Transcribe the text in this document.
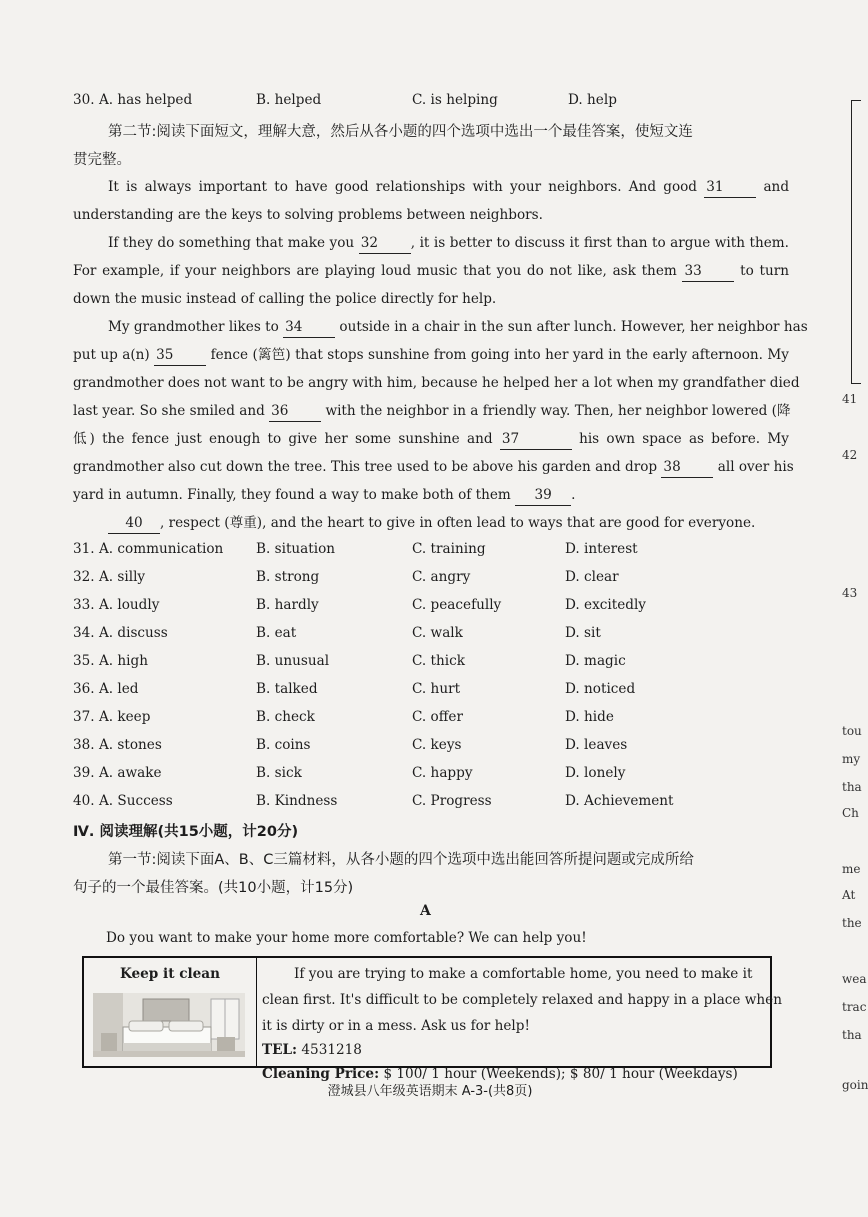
41
42
43
tou
my
tha
Ch
me
At
the
wea
trac
tha
goin
30. A. has helped	B. helped	C. is helping	D. help
第二节:阅读下面短文，理解大意，然后从各小题的四个选项中选出一个最佳答案，使短文连
贯完整。
It is always important to have good relationships with your neighbors. And good 31	and
understanding are the keys to solving problems between neighbors.
If they do something that make you 32 , it is better to discuss it first than to argue with them.
For example, if your neighbors are playing loud music that you do not like, ask them 33	to turn
down the music instead of calling the police directly for help.
My grandmother likes to 34	outside in a chair in the sun after lunch. However, her neighbor has
put up a(n) 35	fence (篱笆) that stops sunshine from going into her yard in the early afternoon. My
grandmother does not want to be angry with him, because he helped her a lot when my grandfather died
last year. So she smiled and 36	with the neighbor in a friendly way. Then, her neighbor lowered (降
低) the fence just enough to give her some sunshine and 37	his own space as before. My
grandmother also cut down the tree. This tree used to be above his garden and drop 38	all over his
yard in autumn. Finally, they found a way to make both of them 39 .
40 , respect (尊重), and the heart to give in often lead to ways that are good for everyone.
31. A. communication B. situation	C. training	D. interest
32. A. silly	B. strong	C. angry	D. clear
33. A. loudly	B. hardly	C. peacefully	D. excitedly
34. A. discuss	B. eat	C. walk	D. sit
35. A. high	B. unusual	C. thick	D. magic
36. A. led	B. talked	C. hurt	D. noticed
37. A. keep	B. check	C. offer	D. hide
38. A. stones	B. coins	C. keys	D. leaves
39. A. awake	B. sick	C. happy	D. lonely
40. A. Success	B. Kindness	C. Progress	D. Achievement
Ⅳ. 阅读理解(共15小题，计20分)
第一节:阅读下面A、B、C三篇材料，从各小题的四个选项中选出能回答所提问题或完成所给
句子的一个最佳答案。(共10小题，计15分)
A
Do you want to make your home more comfortable? We can help you!
Keep it clean	If you are trying to make a comfortable home, you need to make it
clean first. It's difficult to be completely relaxed and happy in a place when
it is dirty or in a mess. Ask us for help!
TEL: 4531218
Cleaning Price: $ 100/ 1 hour (Weekends); $ 80/ 1 hour (Weekdays)
澄城县八年级英语期末 A-3-(共8页)
